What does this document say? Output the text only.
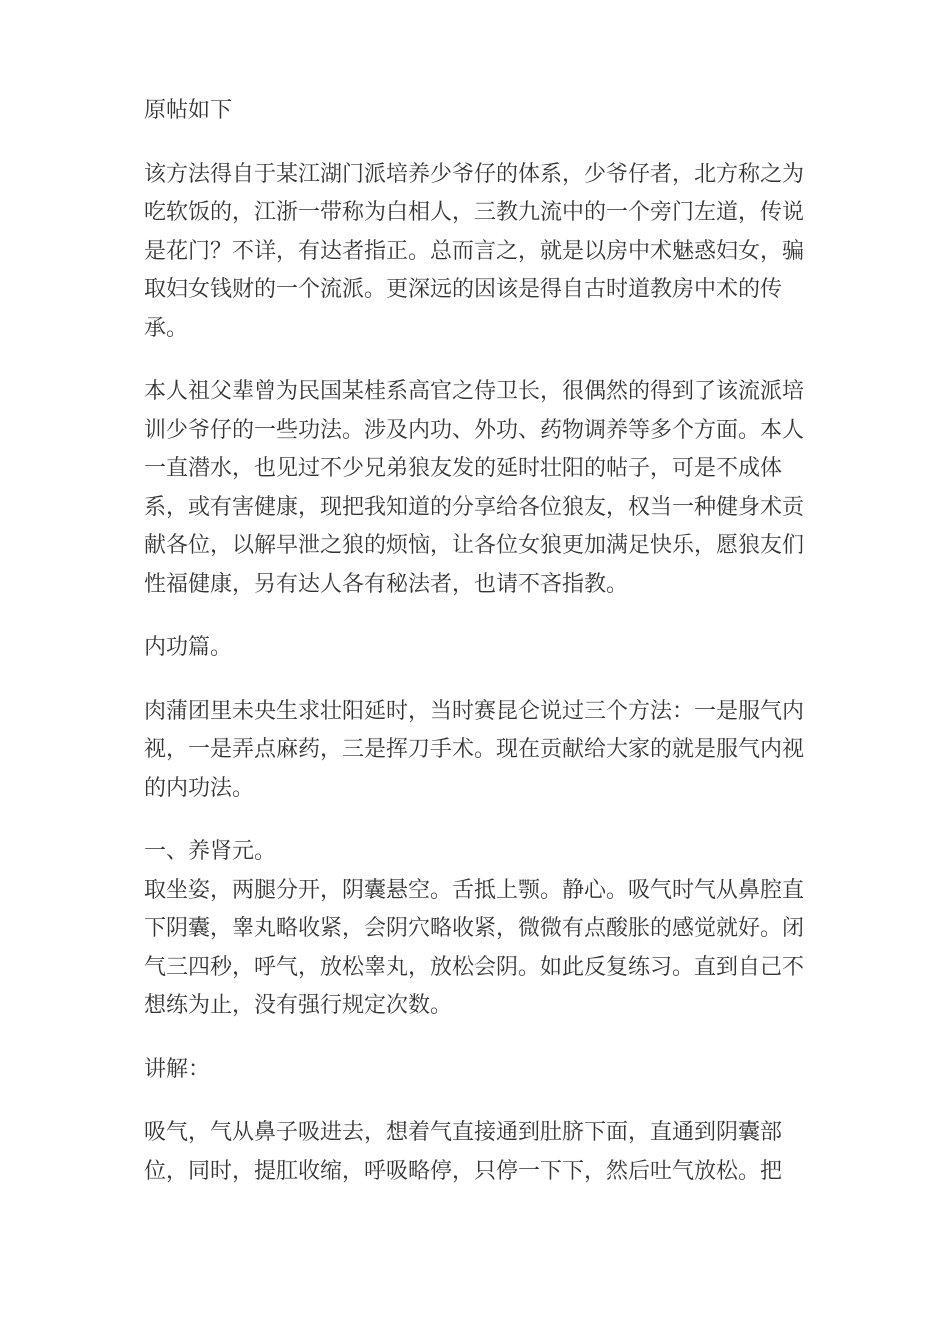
原帖如下

该方法得自于某江湖门派培养少爷仔的体系，少爷仔者，北方称之为吃软饭的，江浙一带称为白相人，三教九流中的一个旁门左道，传说是花门？不详，有达者指正。总而言之，就是以房中术魅惑妇女，骗取妇女钱财的一个流派。更深远的因该是得自古时道教房中术的传承。

本人祖父辈曾为民国某桂系高官之侍卫长，很偶然的得到了该流派培训少爷仔的一些功法。涉及内功、外功、药物调养等多个方面。本人一直潜水，也见过不少兄弟狼友发的延时壮阳的帖子，可是不成体系，或有害健康，现把我知道的分享给各位狼友，权当一种健身术贡献各位，以解早泄之狼的烦恼，让各位女狼更加满足快乐，愿狼友们性福健康，另有达人各有秘法者，也请不吝指教。

内功篇。

肉蒲团里未央生求壮阳延时，当时赛昆仑说过三个方法：一是服气内视，一是弄点麻药，三是挥刀手术。现在贡献给大家的就是服气内视的内功法。

一、养肾元。

取坐姿，两腿分开，阴囊悬空。舌抵上颚。静心。吸气时气从鼻腔直下阴囊，睾丸略收紧，会阴穴略收紧，微微有点酸胀的感觉就好。闭气三四秒，呼气，放松睾丸，放松会阴。如此反复练习。直到自己不想练为止，没有强行规定次数。

讲解：

吸气，气从鼻子吸进去，想着气直接通到肚脐下面，直通到阴囊部位，同时，提肛收缩，呼吸略停，只停一下下，然后吐气放松。把
